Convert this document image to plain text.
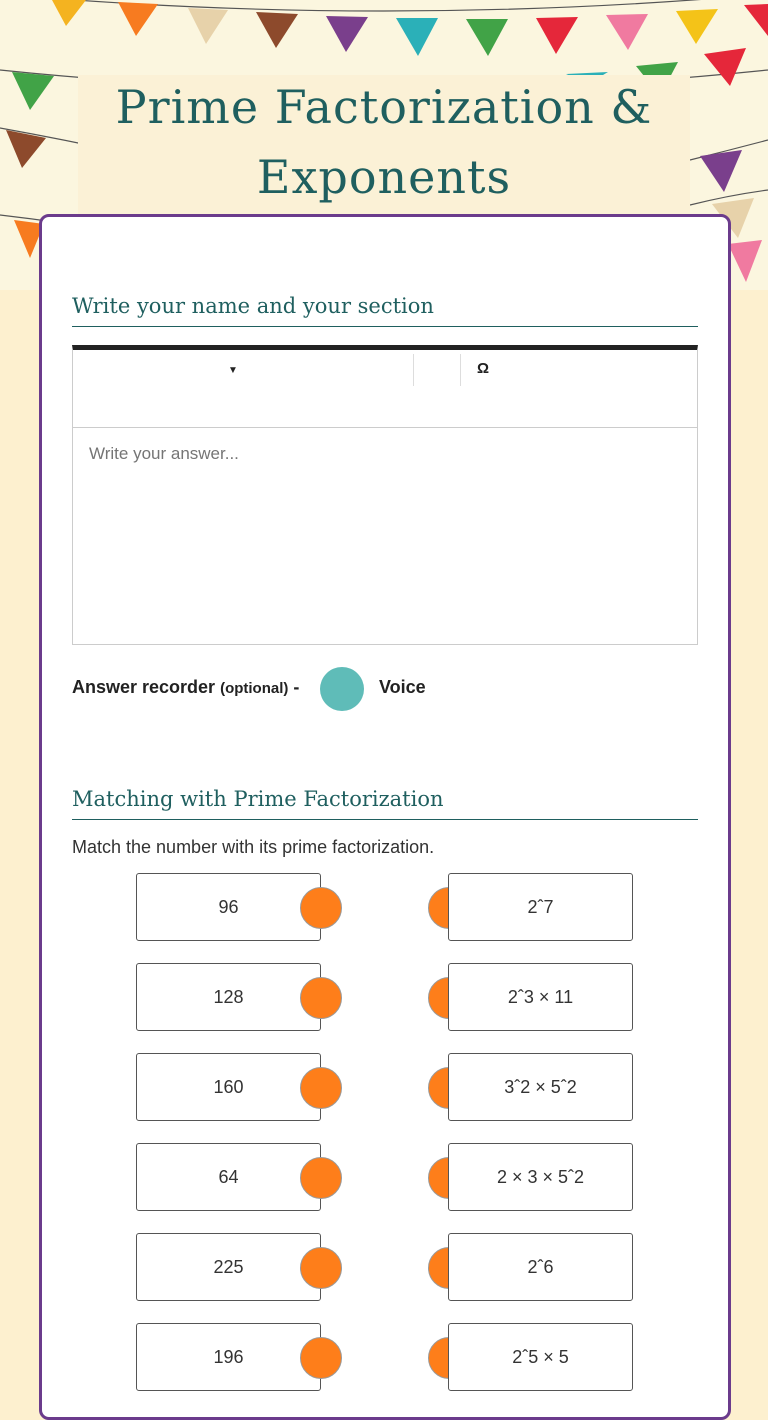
Prime Factorization & Exponents
Write your name and your section
▼	Ω
Write your answer...
Answer recorder (optional) -	Voice
Matching with Prime Factorization
Match the number with its prime factorization.
96	2ˆ7
128	2ˆ3 × 11
160	3ˆ2 × 5ˆ2
64	2 × 3 × 5ˆ2
225	2ˆ6
196	2ˆ5 × 5
